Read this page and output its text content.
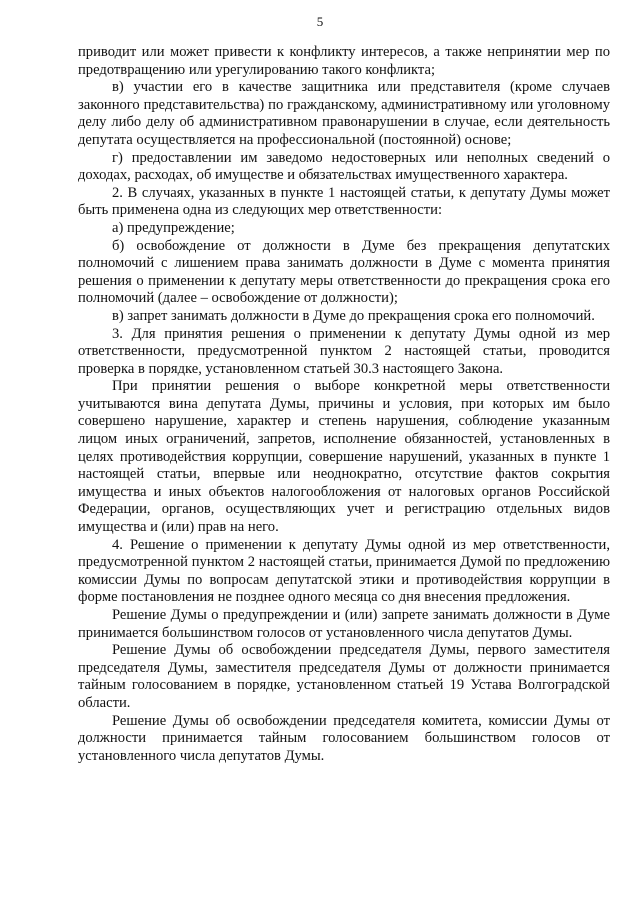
5

приводит или может привести к конфликту интересов, а также непринятии мер по предотвращению или урегулированию такого конфликта;

в) участии его в качестве защитника или представителя (кроме случаев законного представительства) по гражданскому, административному или уголовному делу либо делу об административном правонарушении в случае, если деятельность депутата осуществляется на профессиональной (постоянной) основе;

г) предоставлении им заведомо недостоверных или неполных сведений о доходах, расходах, об имуществе и обязательствах имущественного характера.

2. В случаях, указанных в пункте 1 настоящей статьи, к депутату Думы может быть применена одна из следующих мер ответственности:

а) предупреждение;

б) освобождение от должности в Думе без прекращения депутатских полномочий с лишением права занимать должности в Думе с момента принятия решения о применении к депутату меры ответственности до прекращения срока его полномочий (далее – освобождение от должности);

в) запрет занимать должности в Думе до прекращения срока его полномочий.

3. Для принятия решения о применении к депутату Думы одной из мер ответственности, предусмотренной пунктом 2 настоящей статьи, проводится проверка в порядке, установленном статьей 30.3 настоящего Закона.

При принятии решения о выборе конкретной меры ответственности учитываются вина депутата Думы, причины и условия, при которых им было совершено нарушение, характер и степень нарушения, соблюдение указанным лицом иных ограничений, запретов, исполнение обязанностей, установленных в целях противодействия коррупции, совершение нарушений, указанных в пункте 1 настоящей статьи, впервые или неоднократно, отсутствие фактов сокрытия имущества и иных объектов налогообложения от налоговых органов Российской Федерации, органов, осуществляющих учет и регистрацию отдельных видов имущества и (или) прав на него.

4. Решение о применении к депутату Думы одной из мер ответственности, предусмотренной пунктом 2 настоящей статьи, принимается Думой по предложению комиссии Думы по вопросам депутатской этики и противодействия коррупции в форме постановления не позднее одного месяца со дня внесения предложения.

Решение Думы о предупреждении и (или) запрете занимать должности в Думе принимается большинством голосов от установленного числа депутатов Думы.

Решение Думы об освобождении председателя Думы, первого заместителя председателя Думы, заместителя председателя Думы от должности принимается тайным голосованием в порядке, установленном статьей 19 Устава Волгоградской области.

Решение Думы об освобождении председателя комитета, комиссии Думы от должности принимается тайным голосованием большинством голосов от установленного числа депутатов Думы.
